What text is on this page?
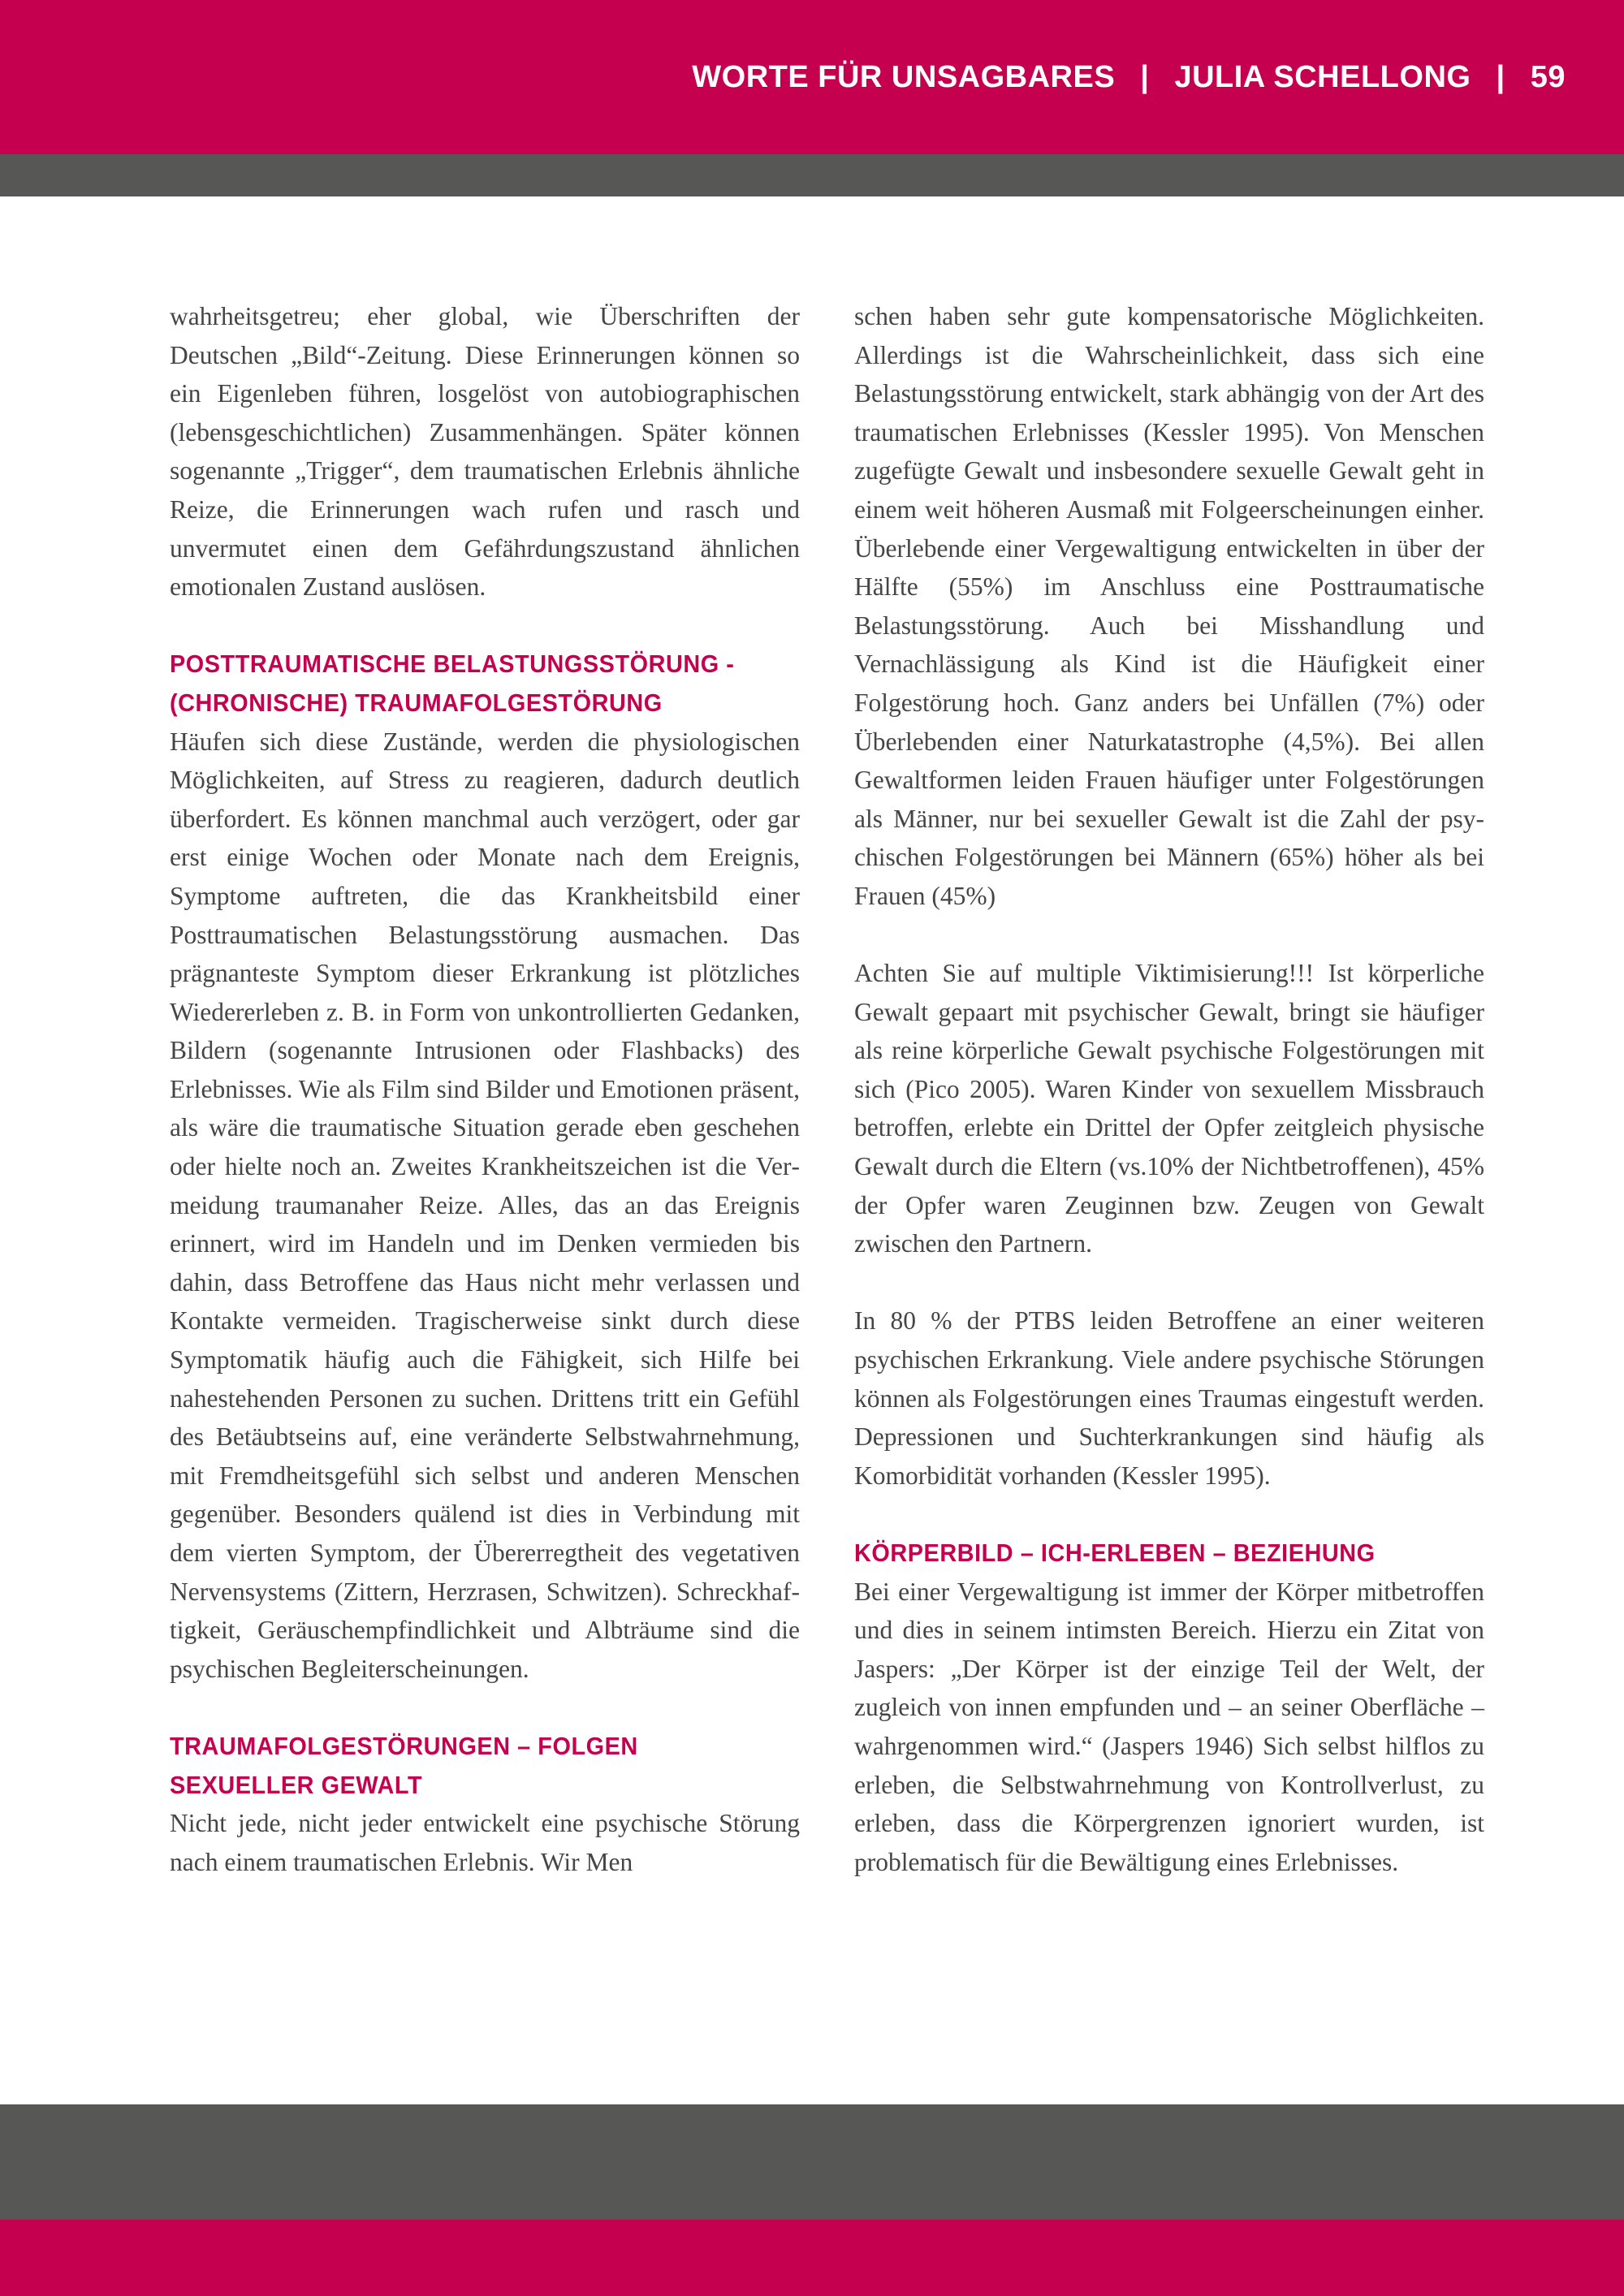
WORTE FÜR UNSAGBARES | JULIA SCHELLONG | 59

wahrheitsgetreu; eher global, wie Überschriften der Deutschen „Bild“-Zeitung. Diese Erinnerungen können so ein Eigenleben führen, losgelöst von autobiographischen (lebensgeschichtlichen) Zusammenhängen. Später können sogenannte „Trigger“, dem traumatischen Erlebnis ähnliche Reize, die Erinnerungen wach rufen und rasch und unvermutet einen dem Gefährdungszustand ähnlichen emotionalen Zustand auslösen.

POSTTRAUMATISCHE BELASTUNGSSTÖRUNG -
(CHRONISCHE) TRAUMAFOLGESTÖRUNG

Häufen sich diese Zustände, werden die physiologischen Möglichkeiten, auf Stress zu reagieren, dadurch deutlich überfordert. Es können manchmal auch verzögert, oder gar erst einige Wochen oder Monate nach dem Ereignis, Symptome auftreten, die das Krankheitsbild einer Posttraumatischen Belastungsstörung ausmachen. Das prägnanteste Symptom dieser Erkrankung ist plötzliches Wiedererleben z. B. in Form von unkontrollierten Gedanken, Bildern (sogenannte Intrusionen oder Flashbacks) des Erlebnisses. Wie als Film sind Bilder und Emotionen präsent, als wäre die traumatische Situation gerade eben geschehen oder hielte noch an. Zweites Krankheitszeichen ist die Vermeidung traumanaher Reize. Alles, das an das Ereignis erinnert, wird im Handeln und im Denken vermieden bis dahin, dass Betroffene das Haus nicht mehr verlassen und Kontakte vermeiden. Tragischerweise sinkt durch diese Symptomatik häufig auch die Fähigkeit, sich Hilfe bei nahestehenden Personen zu suchen. Drittens tritt ein Gefühl des Betäubtseins auf, eine veränderte Selbstwahrnehmung, mit Fremdheitsgefühl sich selbst und anderen Menschen gegenüber. Besonders quälend ist dies in Verbindung mit dem vierten Symptom, der Übererregtheit des vegetativen Nervensystems (Zittern, Herzrasen, Schwitzen). Schreckhaftigkeit, Geräuschempfindlichkeit und Albträume sind die psychischen Begleiterscheinungen.

TRAUMAFOLGESTÖRUNGEN – FOLGEN
SEXUELLER GEWALT

Nicht jede, nicht jeder entwickelt eine psychische Störung nach einem traumatischen Erlebnis. Wir Men

schen haben sehr gute kompensatorische Möglichkeiten. Allerdings ist die Wahrscheinlichkeit, dass sich eine Belastungsstörung entwickelt, stark abhängig von der Art des traumatischen Erlebnisses (Kessler 1995). Von Menschen zugefügte Gewalt und insbesondere sexuelle Gewalt geht in einem weit höheren Ausmaß mit Folgeerscheinungen einher. Überlebende einer Vergewaltigung entwickelten in über der Hälfte (55%) im Anschluss eine Posttraumatische Belastungsstörung. Auch bei Misshandlung und Vernachlässigung als Kind ist die Häufigkeit einer Folgestörung hoch. Ganz anders bei Unfällen (7%) oder Überlebenden einer Naturkatastrophe (4,5%). Bei allen Gewaltformen leiden Frauen häufiger unter Folgestörungen als Männer, nur bei sexueller Gewalt ist die Zahl der psychischen Folgestörungen bei Männern (65%) höher als bei Frauen (45%)

Achten Sie auf multiple Viktimisierung!!! Ist körperliche Gewalt gepaart mit psychischer Gewalt, bringt sie häufiger als reine körperliche Gewalt psychische Folgestörungen mit sich (Pico 2005). Waren Kinder von sexuellem Missbrauch betroffen, erlebte ein Drittel der Opfer zeitgleich physische Gewalt durch die Eltern (vs.10% der Nichtbetroffenen), 45% der Opfer waren Zeuginnen bzw. Zeugen von Gewalt zwischen den Partnern.

In 80 % der PTBS leiden Betroffene an einer weiteren psychischen Erkrankung. Viele andere psychische Störungen können als Folgestörungen eines Traumas eingestuft werden. Depressionen und Suchterkrankungen sind häufig als Komorbidität vorhanden (Kessler 1995).

KÖRPERBILD – ICH-ERLEBEN – BEZIEHUNG

Bei einer Vergewaltigung ist immer der Körper mitbetroffen und dies in seinem intimsten Bereich. Hierzu ein Zitat von Jaspers: „Der Körper ist der einzige Teil der Welt, der zugleich von innen empfunden und – an seiner Oberfläche – wahrgenommen wird.“ (Jaspers 1946) Sich selbst hilflos zu erleben, die Selbstwahrnehmung von Kontrollverlust, zu erleben, dass die Körpergrenzen ignoriert wurden, ist problematisch für die Bewältigung eines Erlebnisses.
